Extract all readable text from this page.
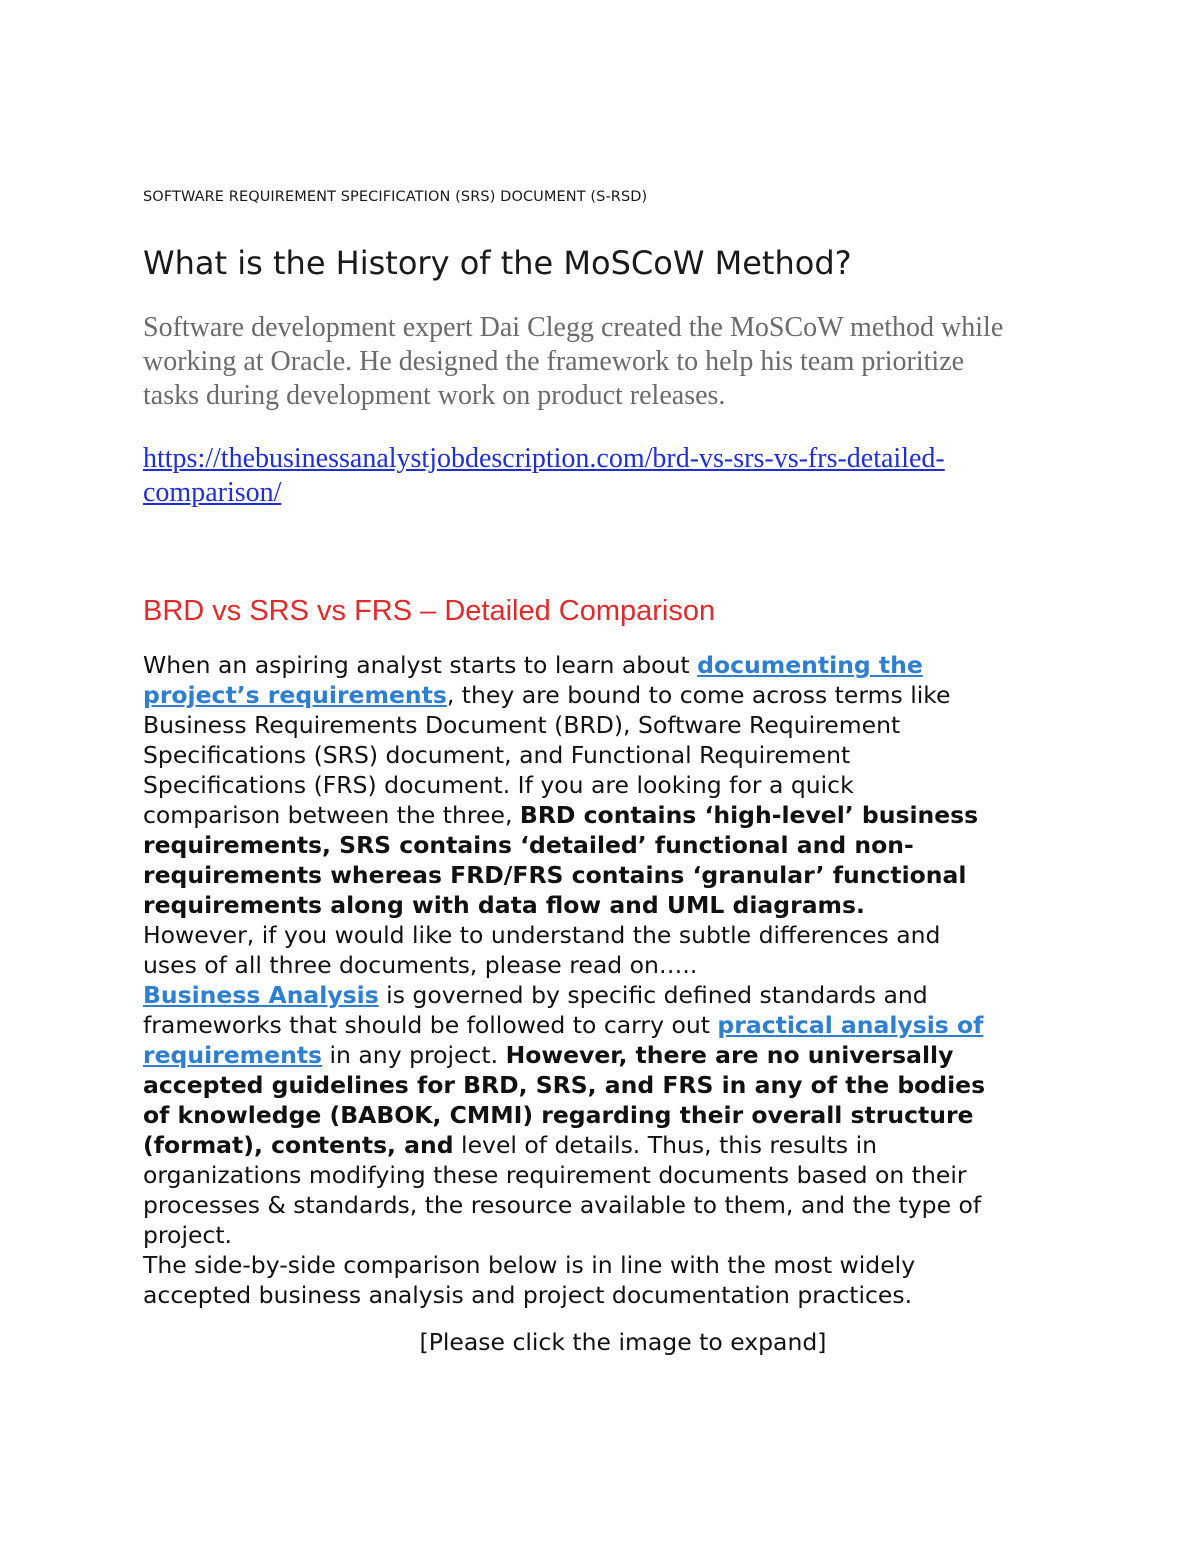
SOFTWARE REQUIREMENT SPECIFICATION (SRS) DOCUMENT (S-RSD)
What is the History of the MoSCoW Method?
Software development expert Dai Clegg created the MoSCoW method while
working at Oracle. He designed the framework to help his team prioritize
tasks during development work on product releases.
https://thebusinessanalystjobdescription.com/brd-vs-srs-vs-frs-detailed-
comparison/
BRD vs SRS vs FRS – Detailed Comparison
When an aspiring analyst starts to learn about documenting the
project’s requirements, they are bound to come across terms like
Business Requirements Document (BRD), Software Requirement
Specifications (SRS) document, and Functional Requirement
Specifications (FRS) document. If you are looking for a quick
comparison between the three, BRD contains ‘high-level’ business
requirements, SRS contains ‘detailed’ functional and non-
requirements whereas FRD/FRS contains ‘granular’ functional
requirements along with data flow and UML diagrams.
However, if you would like to understand the subtle differences and
uses of all three documents, please read on…..
Business Analysis is governed by specific defined standards and
frameworks that should be followed to carry out practical analysis of
requirements in any project. However, there are no universally
accepted guidelines for BRD, SRS, and FRS in any of the bodies
of knowledge (BABOK, CMMI) regarding their overall structure
(format), contents, and level of details. Thus, this results in
organizations modifying these requirement documents based on their
processes & standards, the resource available to them, and the type of
project.
The side-by-side comparison below is in line with the most widely
accepted business analysis and project documentation practices.
[Please click the image to expand]
